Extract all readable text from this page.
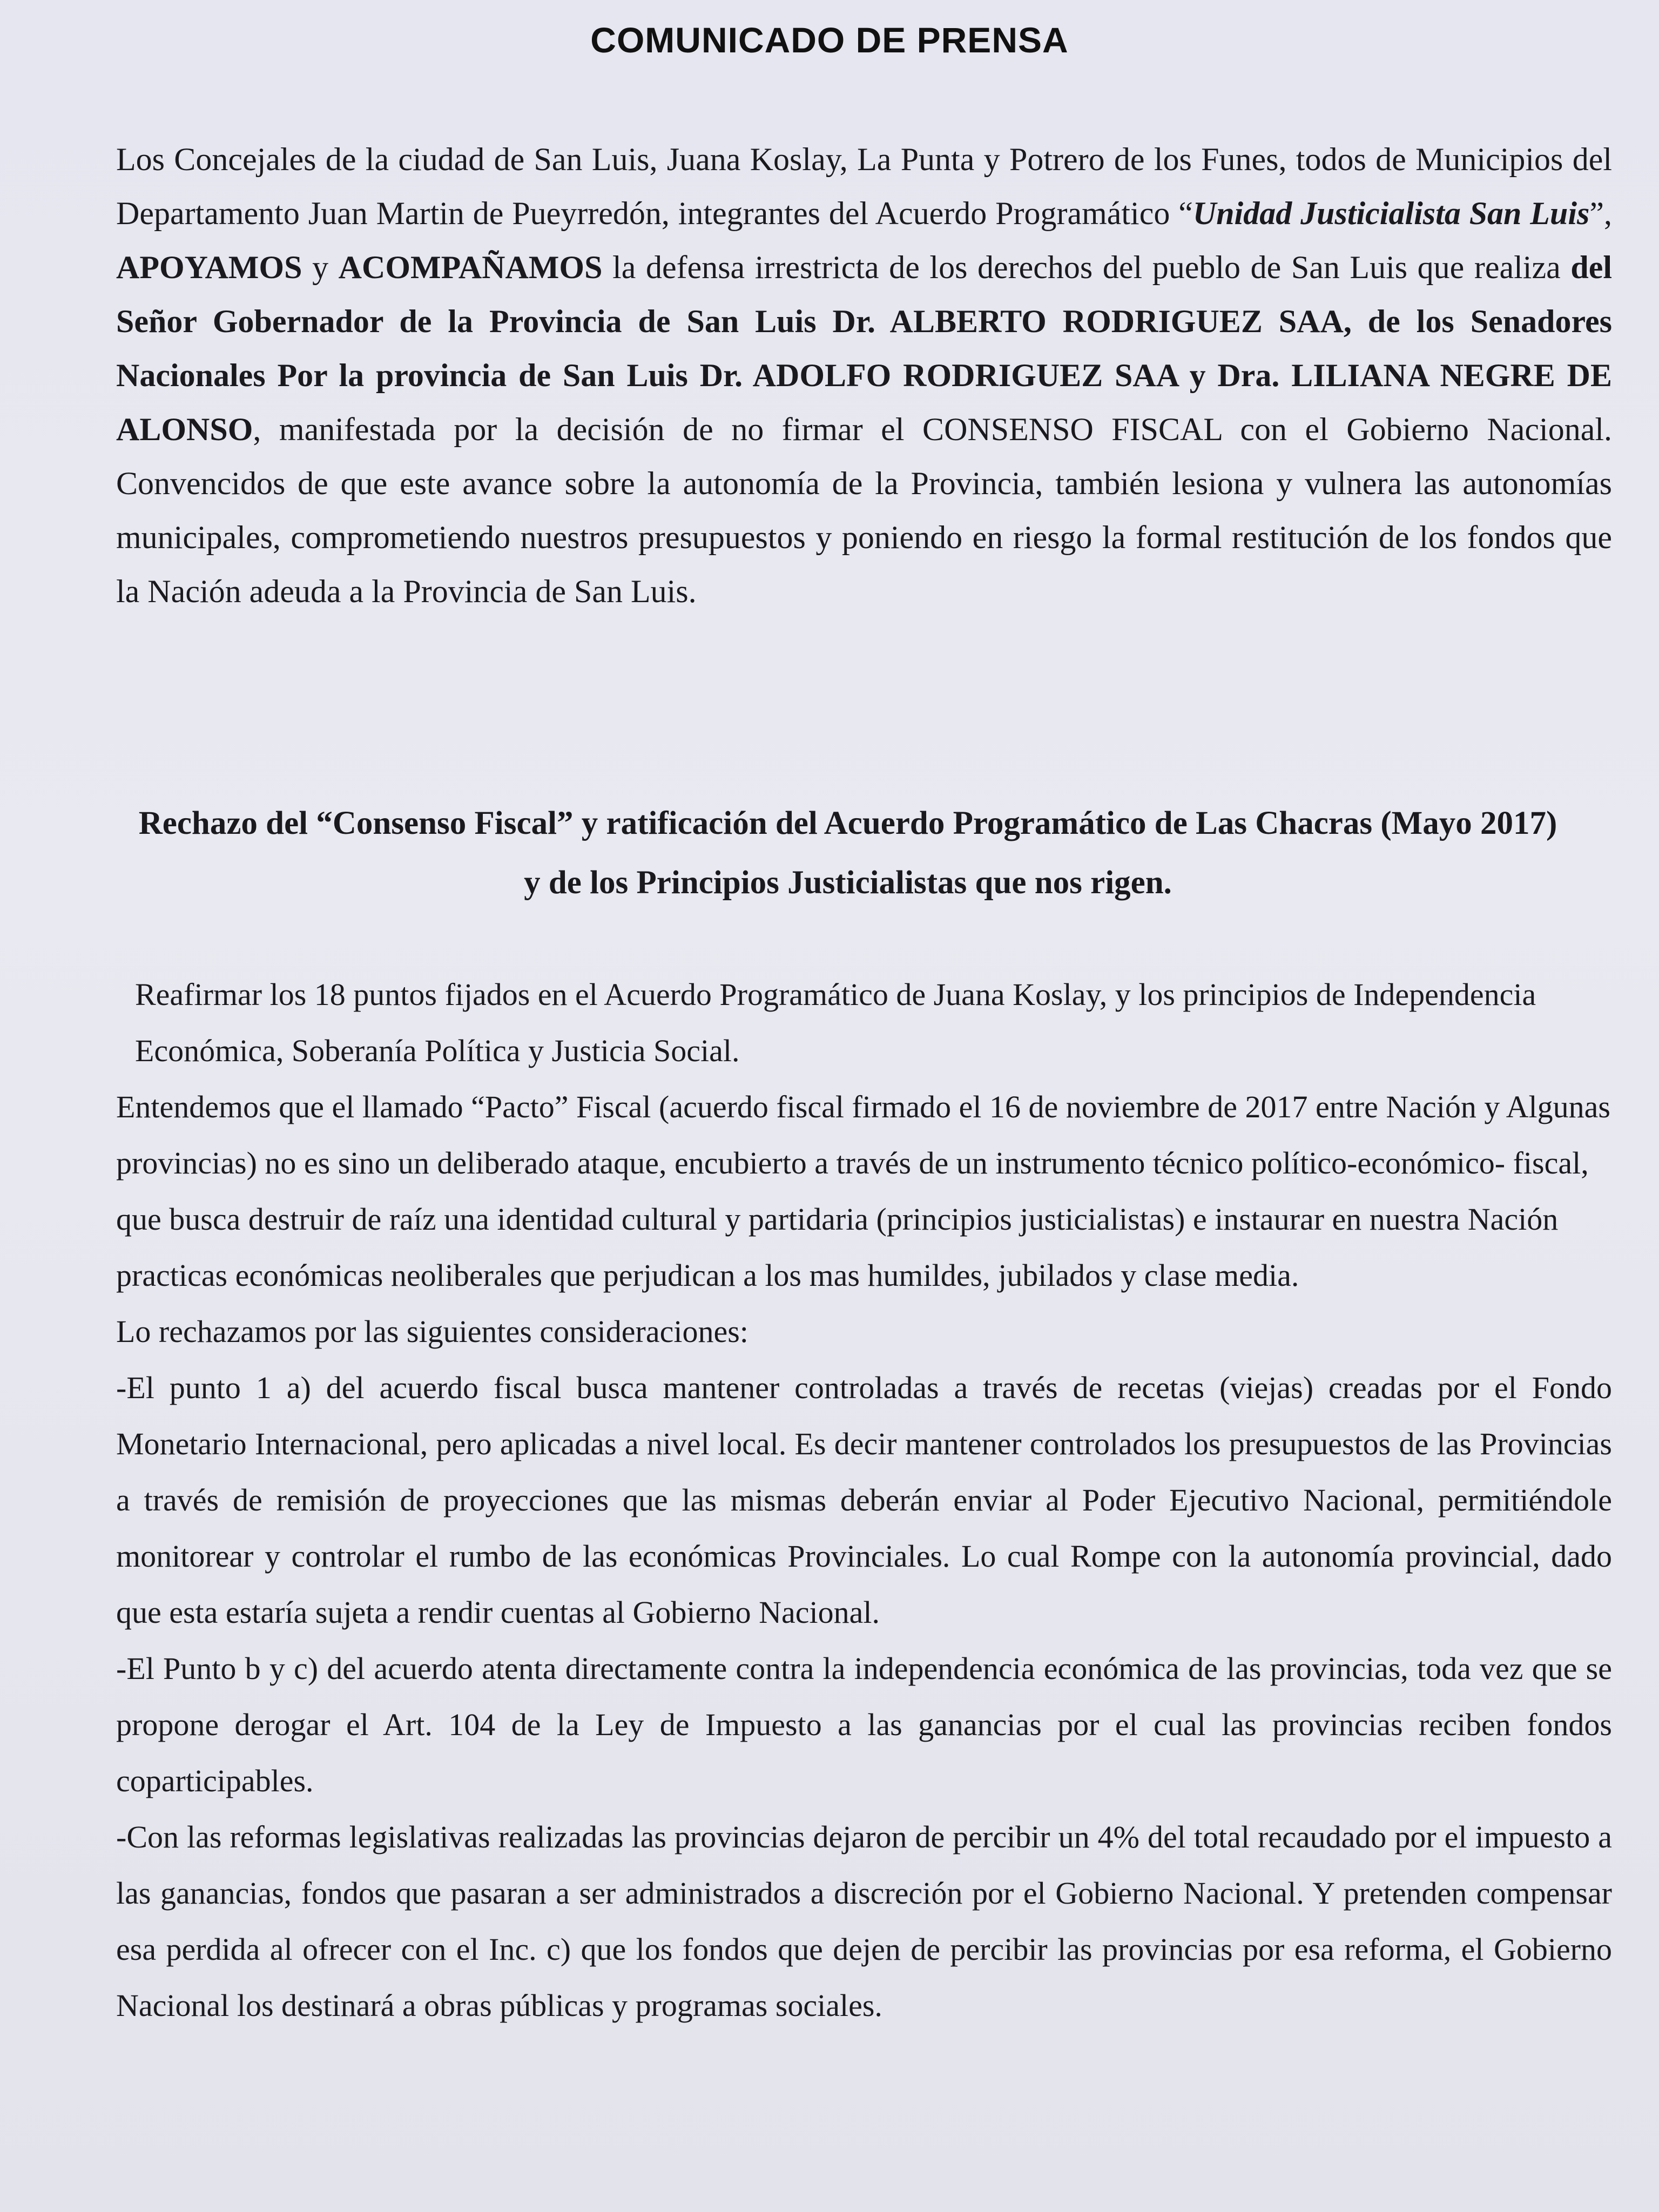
COMUNICADO DE PRENSA
Los Concejales de la ciudad de San Luis, Juana Koslay, La Punta y Potrero de los Funes, todos de Municipios del Departamento Juan Martin de Pueyrredón, integrantes del Acuerdo Programático “Unidad Justicialista San Luis”, APOYAMOS y ACOMPAÑAMOS la defensa irrestricta de los derechos del pueblo de San Luis que realiza del Señor Gobernador de la Provincia de San Luis Dr. ALBERTO RODRIGUEZ SAA, de los Senadores Nacionales Por la provincia de San Luis Dr. ADOLFO RODRIGUEZ SAA y Dra. LILIANA NEGRE DE ALONSO, manifestada por la decisión de no firmar el CONSENSO FISCAL con el Gobierno Nacional. Convencidos de que este avance sobre la autonomía de la Provincia, también lesiona y vulnera las autonomías municipales, comprometiendo nuestros presupuestos y poniendo en riesgo la formal restitución de los fondos que la Nación adeuda a la Provincia de San Luis.
Rechazo del “Consenso Fiscal” y ratificación del Acuerdo Programático de Las Chacras (Mayo 2017) y de los Principios Justicialistas que nos rigen.
Reafirmar los 18 puntos fijados en el Acuerdo Programático de Juana Koslay, y los principios de Independencia Económica, Soberanía Política y Justicia Social.
Entendemos que el llamado “Pacto” Fiscal (acuerdo fiscal firmado el 16 de noviembre de 2017 entre Nación y Algunas provincias) no es sino un deliberado ataque, encubierto a través de un instrumento técnico político-económico- fiscal, que busca destruir de raíz una identidad cultural y partidaria (principios justicialistas) e instaurar en nuestra Nación practicas económicas neoliberales que perjudican a los mas humildes, jubilados y clase media.
Lo rechazamos por las siguientes consideraciones:
-El punto 1 a) del acuerdo fiscal busca mantener controladas a través de recetas (viejas) creadas por el Fondo Monetario Internacional, pero aplicadas a nivel local. Es decir mantener controlados los presupuestos de las Provincias a través de remisión de proyecciones que las mismas deberán enviar al Poder Ejecutivo Nacional, permitiéndole monitorear y controlar el rumbo de las económicas Provinciales. Lo cual Rompe con la autonomía provincial, dado que esta estaría sujeta a rendir cuentas al Gobierno Nacional.
-El Punto b y c) del acuerdo atenta directamente contra la independencia económica de las provincias, toda vez que se propone derogar el Art. 104 de la Ley de Impuesto a las ganancias por el cual las provincias reciben fondos coparticipables.
-Con las reformas legislativas realizadas las provincias dejaron de percibir un 4% del total recaudado por el impuesto a las ganancias, fondos que pasaran a ser administrados a discreción por el Gobierno Nacional. Y pretenden compensar esa perdida al ofrecer con el Inc. c) que los fondos que dejen de percibir las provincias por esa reforma, el Gobierno Nacional los destinará a obras públicas y programas sociales.
